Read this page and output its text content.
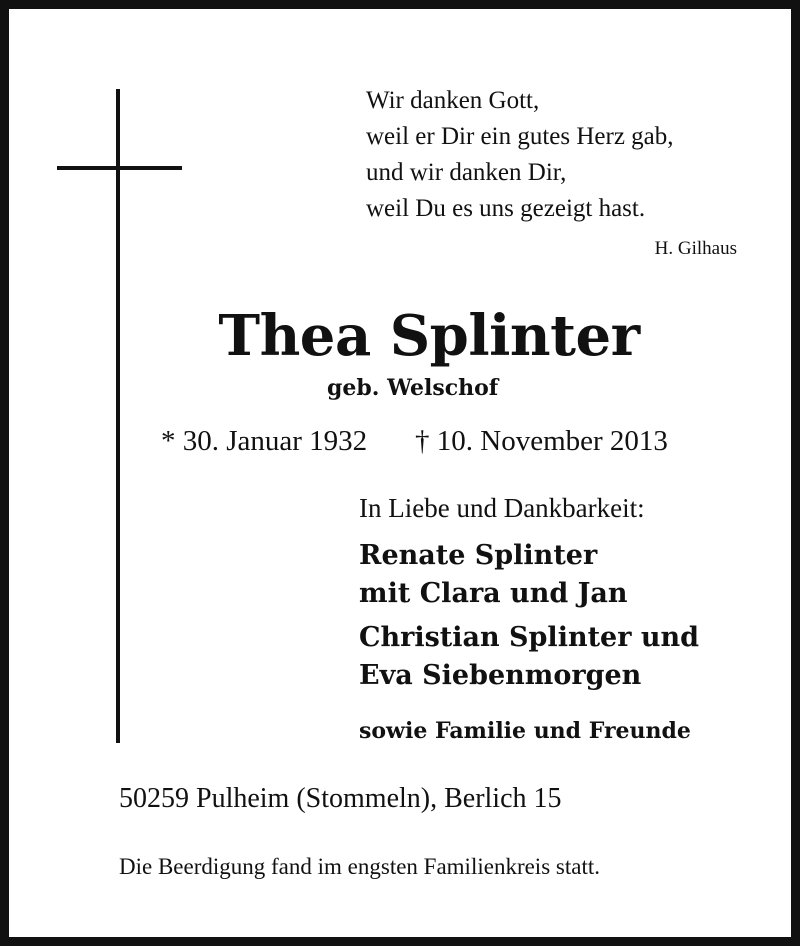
Wir danken Gott,
weil er Dir ein gutes Herz gab,
und wir danken Dir,
weil Du es uns gezeigt hast.
H. Gilhaus
Thea Splinter
geb. Welschof
* 30. Januar 1932 † 10. November 2013
In Liebe und Dankbarkeit:
Renate Splinter
mit Clara und Jan
Christian Splinter und
Eva Siebenmorgen
sowie Familie und Freunde
50259 Pulheim (Stommeln), Berlich 15
Die Beerdigung fand im engsten Familienkreis statt.
